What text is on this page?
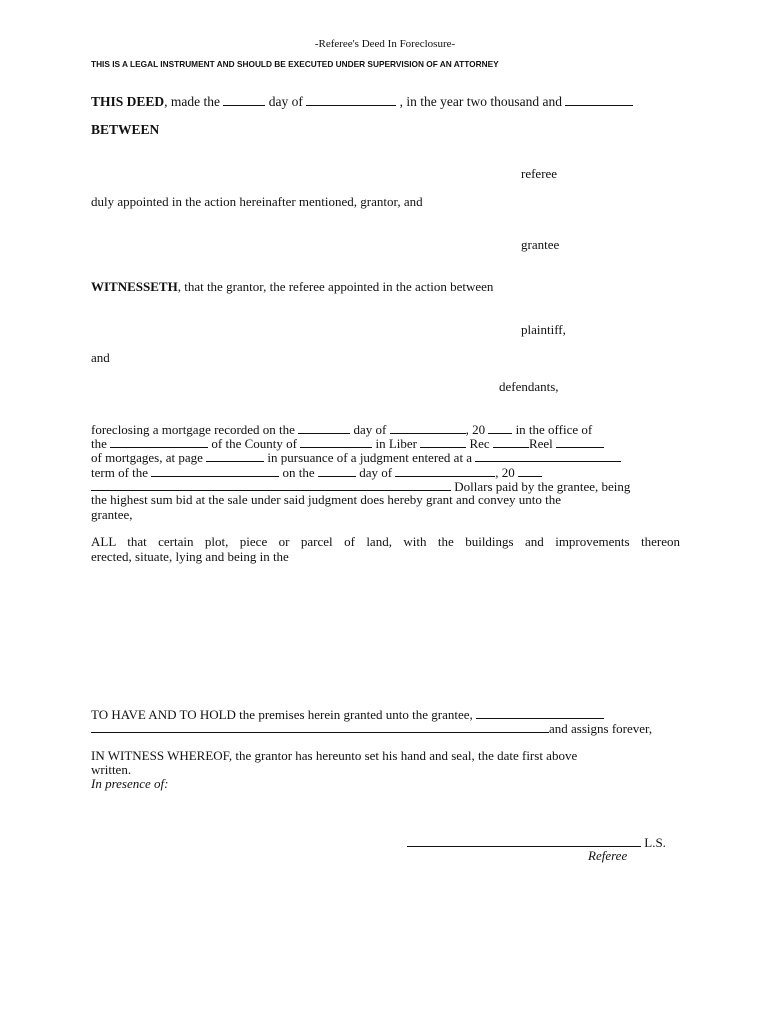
-Referee's Deed In Foreclosure-
THIS IS A LEGAL INSTRUMENT AND SHOULD BE EXECUTED UNDER SUPERVISION OF AN ATTORNEY
THIS DEED, made the	day of	, in the year two thousand and
BETWEEN
referee
duly appointed in the action hereinafter mentioned, grantor, and
grantee
WITNESSETH, that the grantor, the referee appointed in the action between
plaintiff,
and
defendants,
foreclosing a mortgage recorded on the	day of	, 20 in the office of
the	of the County of	in Liber	Rec	Reel
of mortgages, at page	in pursuance of a judgment entered at a
term of the	on the	day of	, 20
Dollars paid by the grantee, being
the highest sum bid at the sale under said judgment does hereby grant and convey unto the
grantee,
ALL that certain plot, piece or parcel of land, with the buildings and improvements thereon
erected, situate, lying and being in the
TO HAVE AND TO HOLD the premises herein granted unto the grantee,
and assigns forever,
IN WITNESS WHEREOF, the grantor has hereunto set his hand and seal, the date first above
written.
In presence of:
L.S.
Referee
